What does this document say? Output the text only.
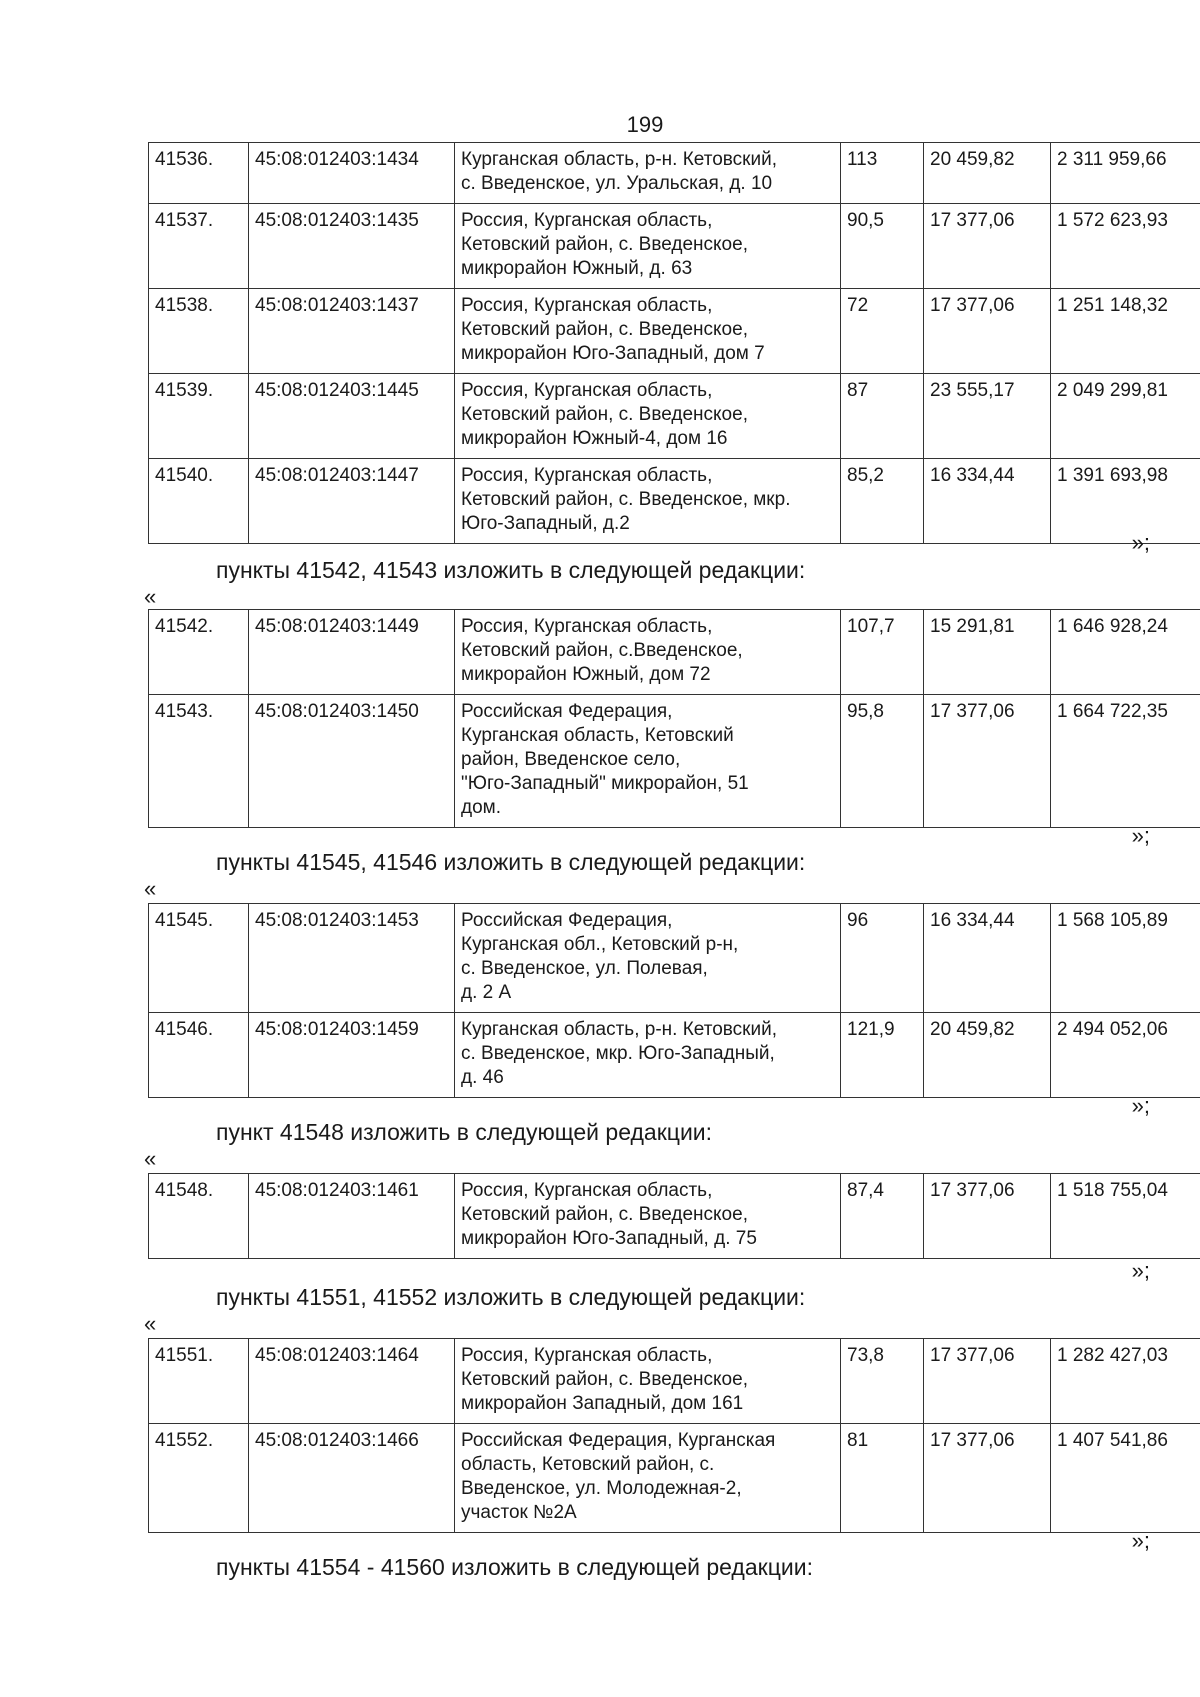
199
41536.	45:08:012403:1434	Курганская область, р-н. Кетовский,
с. Введенское, ул. Уральская, д. 10	113	20 459,82	2 311 959,66
41537.	45:08:012403:1435	Россия, Курганская область,
Кетовский район, с. Введенское,
микрорайон Южный, д. 63	90,5	17 377,06	1 572 623,93
41538.	45:08:012403:1437	Россия, Курганская область,
Кетовский район, с. Введенское,
микрорайон Юго-Западный, дом 7	72	17 377,06	1 251 148,32
41539.	45:08:012403:1445	Россия, Курганская область,
Кетовский район, с. Введенское,
микрорайон Южный-4, дом 16	87	23 555,17	2 049 299,81
41540.	45:08:012403:1447	Россия, Курганская область,
Кетовский район, с. Введенское, мкр.
Юго-Западный, д.2	85,2	16 334,44	1 391 693,98
»;
пункты 41542, 41543 изложить в следующей редакции:
«
41542.	45:08:012403:1449	Россия, Курганская область,
Кетовский район, с.Введенское,
микрорайон Южный, дом 72	107,7	15 291,81	1 646 928,24
41543.	45:08:012403:1450	Российская Федерация,
Курганская область, Кетовский
район, Введенское село,
"Юго-Западный" микрорайон, 51
дом.	95,8	17 377,06	1 664 722,35
»;
пункты 41545, 41546 изложить в следующей редакции:
«
41545.	45:08:012403:1453	Российская Федерация,
Курганская обл., Кетовский р-н,
с. Введенское, ул. Полевая,
д. 2 А	96	16 334,44	1 568 105,89
41546.	45:08:012403:1459	Курганская область, р-н. Кетовский,
с. Введенское, мкр. Юго-Западный,
д. 46	121,9	20 459,82	2 494 052,06
»;
пункт 41548 изложить в следующей редакции:
«
41548.	45:08:012403:1461	Россия, Курганская область,
Кетовский район, с. Введенское,
микрорайон Юго-Западный, д. 75
	87,4	17 377,06	1 518 755,04
»;
пункты 41551, 41552 изложить в следующей редакции:
«
41551.	45:08:012403:1464	Россия, Курганская область,
Кетовский район, с. Введенское,
микрорайон Западный, дом 161	73,8	17 377,06	1 282 427,03
41552.	45:08:012403:1466	Российская Федерация, Курганская
область, Кетовский район, с.
Введенское, ул. Молодежная-2,
участок №2А	81	17 377,06	1 407 541,86
»;
пункты 41554 - 41560 изложить в следующей редакции:
